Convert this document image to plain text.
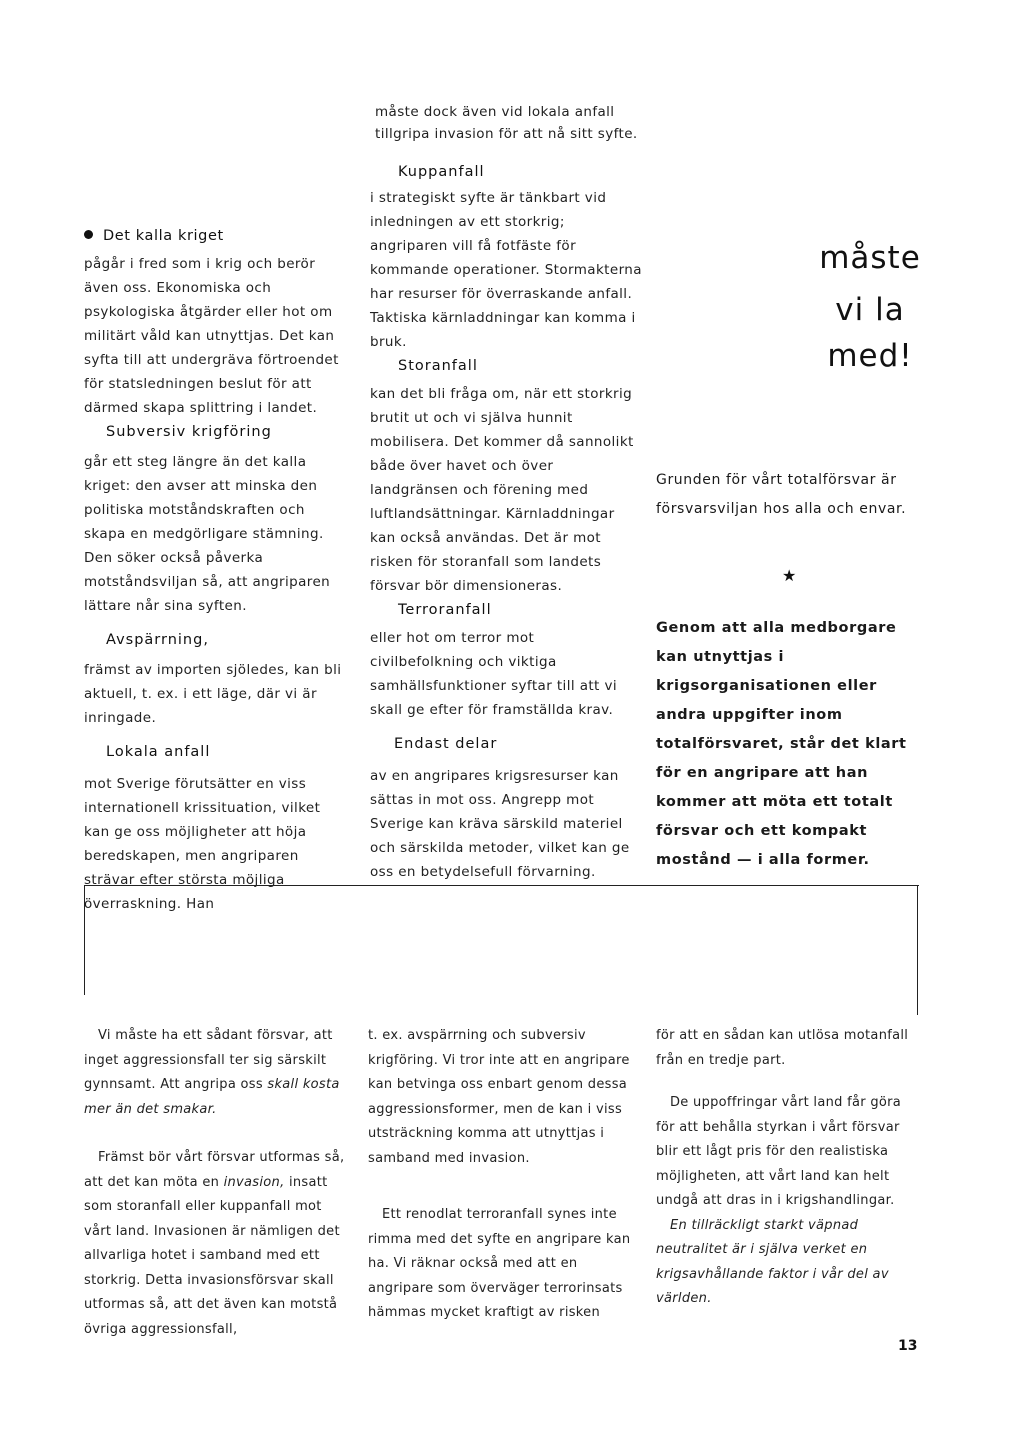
måste dock även vid lokala anfall

tillgripa invasion för att nå sitt syfte.

Det kalla kriget

pågår i fred som i krig och berör även oss. Ekonomiska och psykologiska åtgärder eller hot om militärt våld kan utnyttjas. Det kan syfta till att undergräva förtroendet för statsledningen beslut för att därmed skapa splittring i landet.

Subversiv krigföring

går ett steg längre än det kalla kriget: den avser att minska den politiska motståndskraften och skapa en medgörligare stämning. Den söker också påverka motståndsviljan så, att angriparen lättare når sina syften.

Avspärrning,

främst av importen sjöledes, kan bli aktuell, t. ex. i ett läge, där vi är inringade.

Lokala anfall

mot Sverige förutsätter en viss internationell krissituation, vilket kan ge oss möjligheter att höja beredskapen, men angriparen strävar efter största möjliga överraskning. Han

Kuppanfall

i strategiskt syfte är tänkbart vid inledningen av ett storkrig; angriparen vill få fotfäste för kommande operationer. Stormakterna har resurser för överraskande anfall. Taktiska kärnladdningar kan komma i bruk.

Storanfall

kan det bli fråga om, när ett storkrig brutit ut och vi själva hunnit mobilisera. Det kommer då sannolikt både över havet och över landgränsen och förening med luftlandsättningar. Kärnladdningar kan också användas. Det är mot risken för storanfall som landets försvar bör dimensioneras.

Terroranfall

eller hot om terror mot civilbefolkning och viktiga samhällsfunktioner syftar till att vi skall ge efter för framställda krav.

Endast delar

av en angripares krigsresurser kan sättas in mot oss. Angrepp mot Sverige kan kräva särskild materiel och särskilda metoder, vilket kan ge oss en betydelsefull förvarning.

måste
vi la
med!
Grunden för vårt totalförsvar är försvarsviljan hos alla och envar.
★
Genom att alla medborgare kan utnyttjas i krigsorganisationen eller andra uppgifter inom totalförsvaret, står det klart för en angripare att han kommer att möta ett totalt försvar och ett kompakt mostånd — i alla former.

Vi måste ha ett sådant försvar, att inget aggressionsfall ter sig särskilt gynnsamt. Att angripa oss skall kosta mer än det smakar.

Främst bör vårt försvar utformas så, att det kan möta en invasion, insatt som storanfall eller kuppanfall mot vårt land. Invasionen är nämligen det allvarliga hotet i samband med ett storkrig. Detta invasionsförsvar skall utformas så, att det även kan motstå övriga aggressionsfall,

t. ex. avspärrning och subversiv krigföring. Vi tror inte att en angripare kan betvinga oss enbart genom dessa aggressionsformer, men de kan i viss utsträckning komma att utnyttjas i samband med invasion.

Ett renodlat terroranfall synes inte rimma med det syfte en angripare kan ha. Vi räknar också med att en angripare som överväger terrorinsats hämmas mycket kraftigt av risken

för att en sådan kan utlösa motanfall från en tredje part.

De uppoffringar vårt land får göra för att behålla styrkan i vårt försvar blir ett lågt pris för den realistiska möjligheten, att vårt land kan helt undgå att dras in i krigshandlingar.

En tillräckligt starkt väpnad neutralitet är i själva verket en krigsavhållande faktor i vår del av världen.

13
